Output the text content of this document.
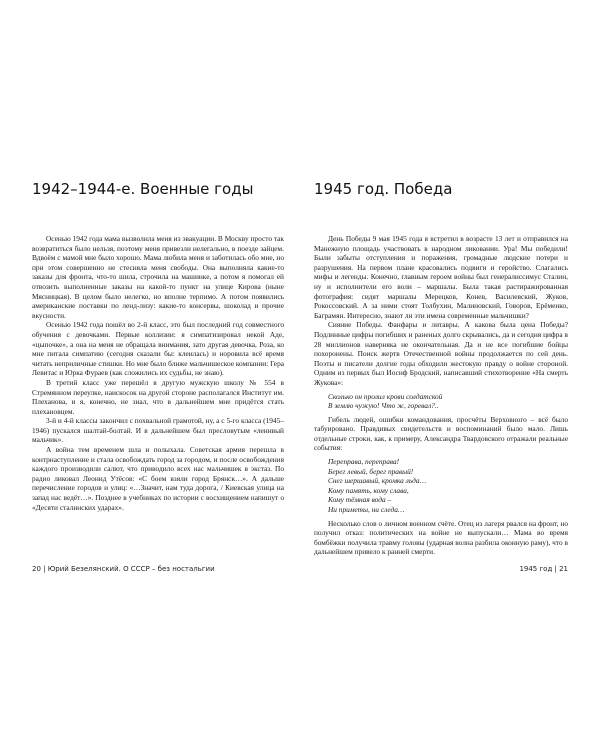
1942–1944-е. Военные годы

Осенью 1942 года мама вызволила меня из эвакуации. В Москву просто так возвратиться было нельзя, поэтому меня привезли нелегально, в поезде зайцем. Вдвоём с мамой мне было хорошо. Мама любила меня и заботилась обо мне, но при этом совершенно не стесняла меня свободы. Она выполняла какие-то заказы для фронта, что-то шила, строчила на машинке, а потом я помогал ей отвозить выполненные заказы на какой-то пункт на улице Кирова (ныне Мясницкая). В целом было нелегко, но вполне терпимо. А потом появились американские поставки по ленд-лизу: какие-то консервы, шоколад и прочие вкусности.

Осенью 1942 года пошёл во 2-й класс, это был последний год совместного обучения с девочками. Первые коллизии: я симпатизировал некой Аде, «цыпочке», а она на меня не обращала внимания, зато другая девочка, Роза, ко мне питала симпатию (сегодня сказали бы: клеилась) и норовила всё время читать неприличные стишки. Но мне было ближе мальчишеское компании: Гера Левитас и Юрка Фураев (как сложились их судьбы, не знаю).

В третий класс уже перешёл в другую мужскую школу № 554 в Стремянном переулке, наискосок на другой стороне располагался Институт им. Плеханова, и я, конечно, не знал, что в дальнейшем мне придётся стать плехановцем.

3-й и 4-й классы закончил с похвальной грамотой, ну, а с 5-го класса (1945–1946) пускался шалтай-болтай. И в дальнейшем был пресловутым «ленивый мальчик».

А война тем временем шла и полыхала. Советская армия перешла в контрнаступление и стала освобождать город за городом, и после освобождения каждого производили салют, что приводило всех нас мальчишек в экстаз. По радио ликовал Леонид Утёсов: «С боем взяли город Брянск…». А дальше перечисление городов и улиц: «…Значит, нам туда дорога, / Киевская улица на запад нас ведёт…». Позднее в учебниках по истории с восхищением напишут о «Десяти сталинских ударах».

20 | Юрий Безелянский. О СССР – без ностальгии
1945 год. Победа

День Победы 9 мая 1945 года я встретил в возрасте 13 лет и отправился на Манежную площадь участвовать в народном ликовании. Ура! Мы победили! Были забыты отступления и поражения, громадные людские потери и разрушения. На первом плане красовались подвиги и геройство. Слагались мифы и легенды. Конечно, главным героем войны был генералиссимус Сталин, ну и исполнители его воли – маршалы. Была такая растиражированная фотография: сидят маршалы Мерецков, Конев, Василевский, Жуков, Рокоссовский. А за ними стоят Толбухин, Малиновский, Говоров, Ерёменко, Баграмян. Интересно, знают ли эти имена современные мальчишки?

Сияние Победы. Фанфары и литавры. А какова была цена Победы? Подлинные цифры погибших и раненых долго скрывались, да и сегодня цифра в 28 миллионов наверняка не окончательная. Да и не все погибшие бойцы похоронены. Поиск жертв Отечественной войны продолжается по сей день. Поэты и писатели долгие годы обходили жестокую правду о войне стороной. Одним из первых был Иосиф Бродский, написавший стихотворение «На смерть Жукова»:

Сколько он пролил крови солдатской
В землю чужую! Что ж, горевал?..

Гибель людей, ошибки командования, просчёты Верховного – всё было табуировано. Правдивых свидетельств и воспоминаний было мало. Лишь отдельные строки, как, к примеру, Александра Твардовского отражали реальные события:

Переправа, переправа!
Берег левый, берег правый!
Снег шершавый, кромка льда…
Кому память, кому слава,
Кому тёмная вода –
Ни приметы, ни следа…

Несколько слов о личном военном счёте. Отец из лагеря рвался на фронт, но получил отказ: политических на войне не выпускали… Мама во время бомбёжки получила травму головы (ударная волна разбила оконную раму), что в дальнейшем привело к ранней смерти.

1945 год | 21
